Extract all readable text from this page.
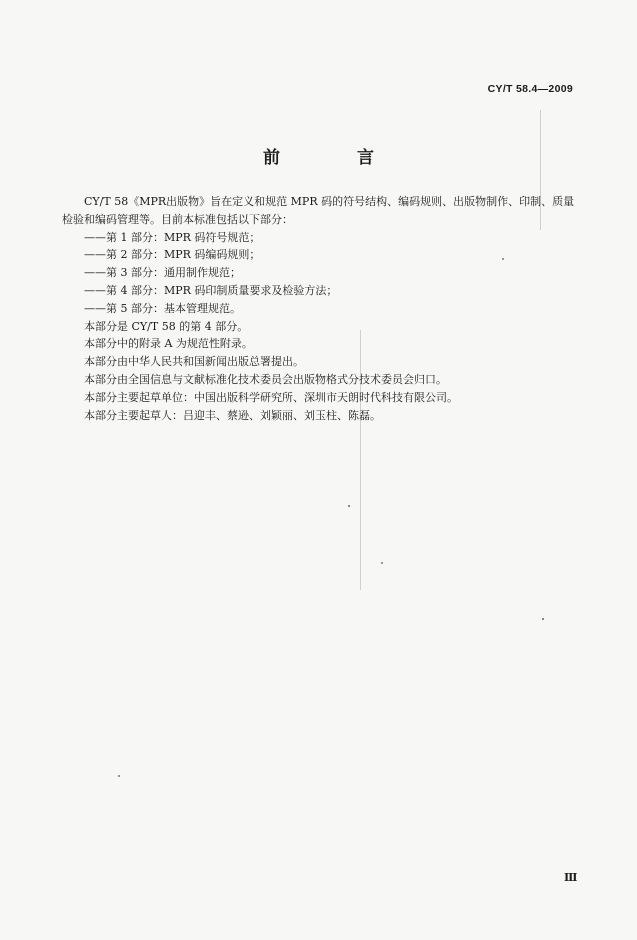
CY/T 58.4—2009
前　言

CY/T 58《MPR出版物》旨在定义和规范 MPR 码的符号结构、编码规则、出版物制作、印制、质量检验和编码管理等。目前本标准包括以下部分：

——第 1 部分：MPR 码符号规范；

——第 2 部分：MPR 码编码规则；

——第 3 部分：通用制作规范；

——第 4 部分：MPR 码印制质量要求及检验方法；

——第 5 部分：基本管理规范。

本部分是 CY/T 58 的第 4 部分。

本部分中的附录 A 为规范性附录。

本部分由中华人民共和国新闻出版总署提出。

本部分由全国信息与文献标准化技术委员会出版物格式分技术委员会归口。

本部分主要起草单位：中国出版科学研究所、深圳市天朗时代科技有限公司。

本部分主要起草人：吕迎丰、蔡逊、刘颖丽、刘玉柱、陈磊。

Ⅲ
